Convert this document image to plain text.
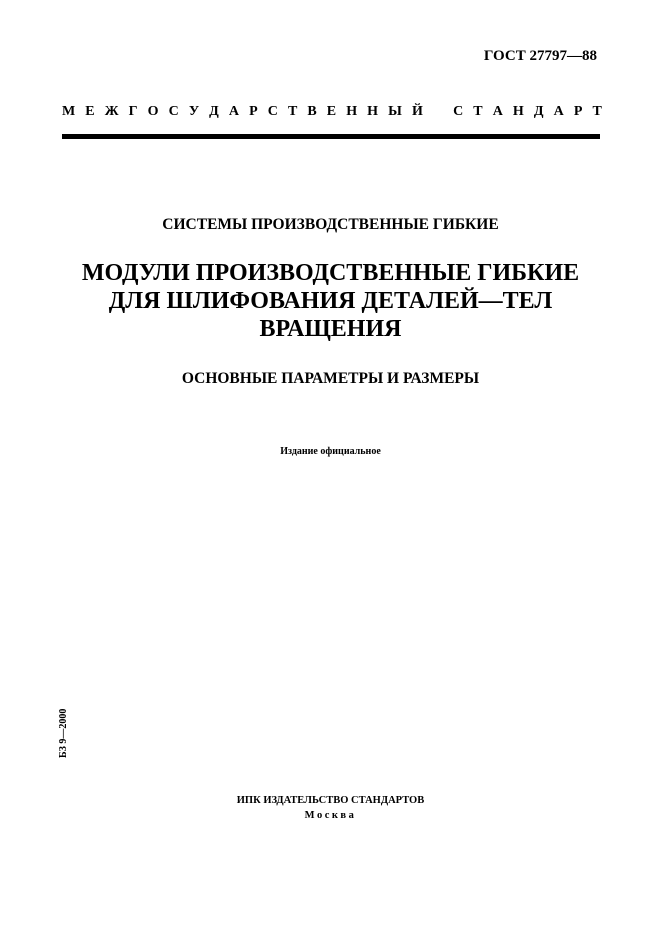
ГОСТ 27797—88
М Е Ж Г О С У Д А Р С Т В Е Н Н Ы Й С Т А Н Д А Р Т
СИСТЕМЫ ПРОИЗВОДСТВЕННЫЕ ГИБКИЕ
МОДУЛИ ПРОИЗВОДСТВЕННЫЕ ГИБКИЕ
ДЛЯ ШЛИФОВАНИЯ ДЕТАЛЕЙ—ТЕЛ
ВРАЩЕНИЯ
ОСНОВНЫЕ ПАРАМЕТРЫ И РАЗМЕРЫ
Издание официальное
БЗ 9—2000
ИПК ИЗДАТЕЛЬСТВО СТАНДАРТОВ
Москва
